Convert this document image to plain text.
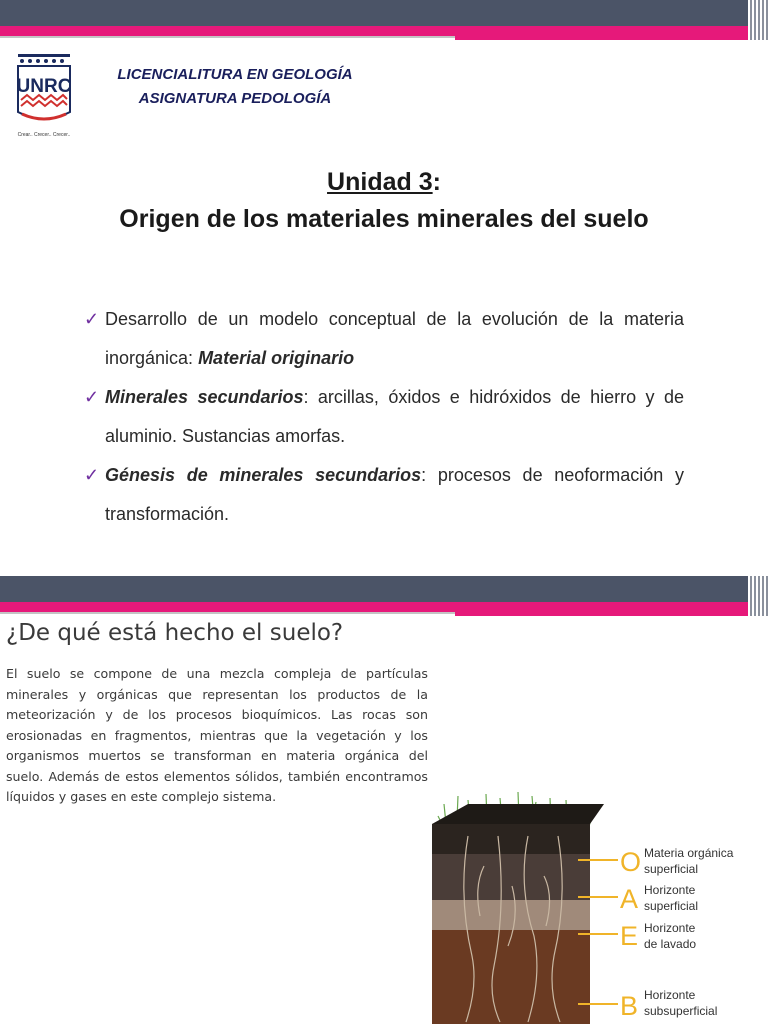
UNRC
Crear.. Crecer.. Crecer..
LICENCIALITURA EN GEOLOGÍA
ASIGNATURA PEDOLOGÍA
Unidad 3:
Origen de los materiales minerales del suelo
✓ Desarrollo de un modelo conceptual de la evolución de la materia inorgánica: Material originario
✓ Minerales secundarios: arcillas, óxidos e hidróxidos de hierro y de aluminio. Sustancias amorfas.
✓ Génesis de minerales secundarios: procesos de neoformación y transformación.
¿De qué está hecho el suelo?
El suelo se compone de una mezcla compleja de partículas minerales y orgánicas que representan los productos de la meteorización y de los procesos bioquímicos. Las rocas son erosionadas en fragmentos, mientras que la vegetación y los organismos muertos se transforman en materia orgánica del suelo. Además de estos elementos sólidos, también encontramos líquidos y gases en este complejo sistema.
O
A
E
B
Materia orgánica
superficial
Horizonte
superficial
Horizonte
de lavado
Horizonte
subsuperficial
